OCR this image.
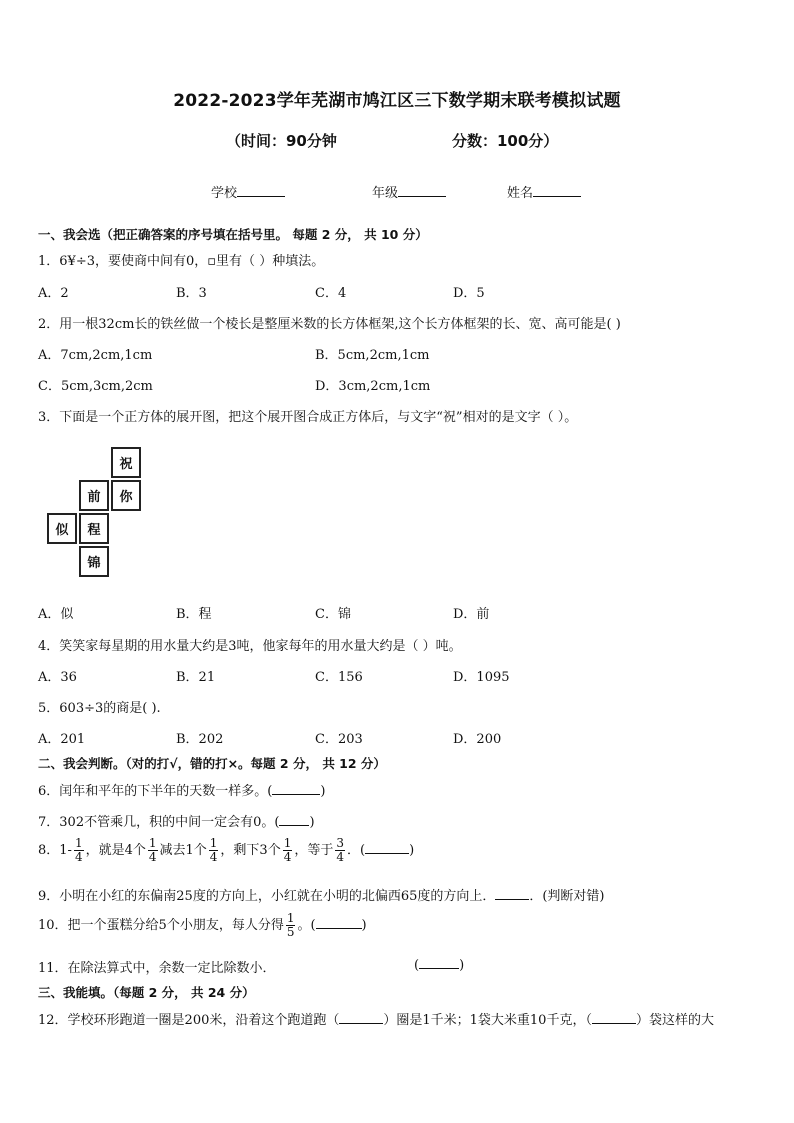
2022-2023学年芜湖市鸠江区三下数学期末联考模拟试题
（时间：90分钟	分数：100分）
学校	年级	姓名
一、我会选（把正确答案的序号填在括号里。 每题 2 分， 共 10 分）
1．6¥÷3，要使商中间有0，▫里有（ ）种填法。
A．2	B．3	C．4	D．5
2．用一根32cm长的铁丝做一个棱长是整厘米数的长方体框架,这个长方体框架的长、宽、高可能是( )
A．7cm,2cm,1cm	B．5cm,2cm,1cm
C．5cm,3cm,2cm	D．3cm,2cm,1cm
3．下面是一个正方体的展开图，把这个展开图合成正方体后，与文字“祝”相对的是文字（ ）。
祝
你
前
程
似
锦
A．似	B．程	C．锦	D．前
4．笑笑家每星期的用水量大约是3吨，他家每年的用水量大约是（ ）吨。
A．36	B．21	C．156	D．1095
5．603÷3的商是( ).
A．201	B．202	C．203	D．200
二、我会判断。（对的打√，错的打×。每题 2 分， 共 12 分）
6．闰年和平年的下半年的天数一样多。(	)
7．302不管乘几，积的中间一定会有0。( )
8．$1- \frac{1}{4}$ ，就是4个 $\frac{1}{4}$ 减去1个 $\frac{1}{4}$ ，剩下3个 $\frac{1}{4}$ ，等于 $\frac{3}{4}$ ．(	)
9．小明在小红的东偏南25度的方向上，小红就在小明的北偏西65度的方向上．	．(判断对错)
10．把一个蛋糕分给5个小朋友，每人分得 $\frac{1}{5}$ 。(	)
11．在除法算式中，余数一定比除数小．	(	)
三、我能填。（每题 2 分， 共 24 分）
12．学校环形跑道一圈是200米，沿着这个跑道跑（	）圈是1千米；1袋大米重10千克，（	）袋这样的大
